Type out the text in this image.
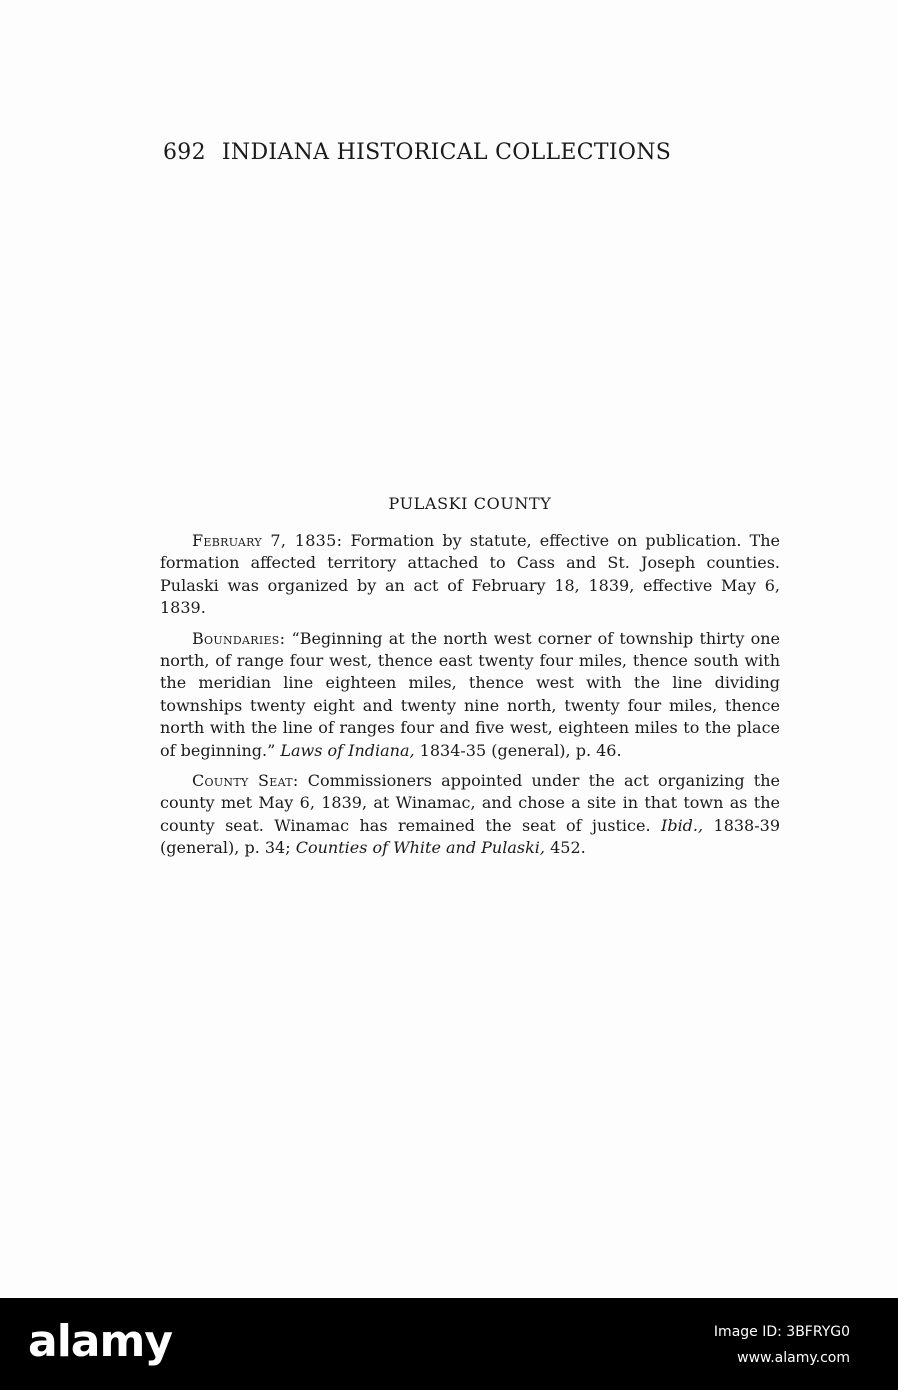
692 INDIANA HISTORICAL COLLECTIONS
PULASKI COUNTY

February 7, 1835: Formation by statute, effective on publication. The formation affected territory attached to Cass and St. Joseph counties. Pulaski was organized by an act of February 18, 1839, effective May 6, 1839.

Boundaries: “Beginning at the north west corner of township thirty one north, of range four west, thence east twenty four miles, thence south with the meridian line eighteen miles, thence west with the line dividing townships twenty eight and twenty nine north, twenty four miles, thence north with the line of ranges four and five west, eighteen miles to the place of beginning.” Laws of Indiana, 1834-35 (general), p. 46.

County Seat: Commissioners appointed under the act organizing the county met May 6, 1839, at Winamac, and chose a site in that town as the county seat. Winamac has remained the seat of justice. Ibid., 1838-39 (general), p. 34; Counties of White and Pulaski, 452.

alamy	Image ID: 3BFRYG0
www.alamy.com
